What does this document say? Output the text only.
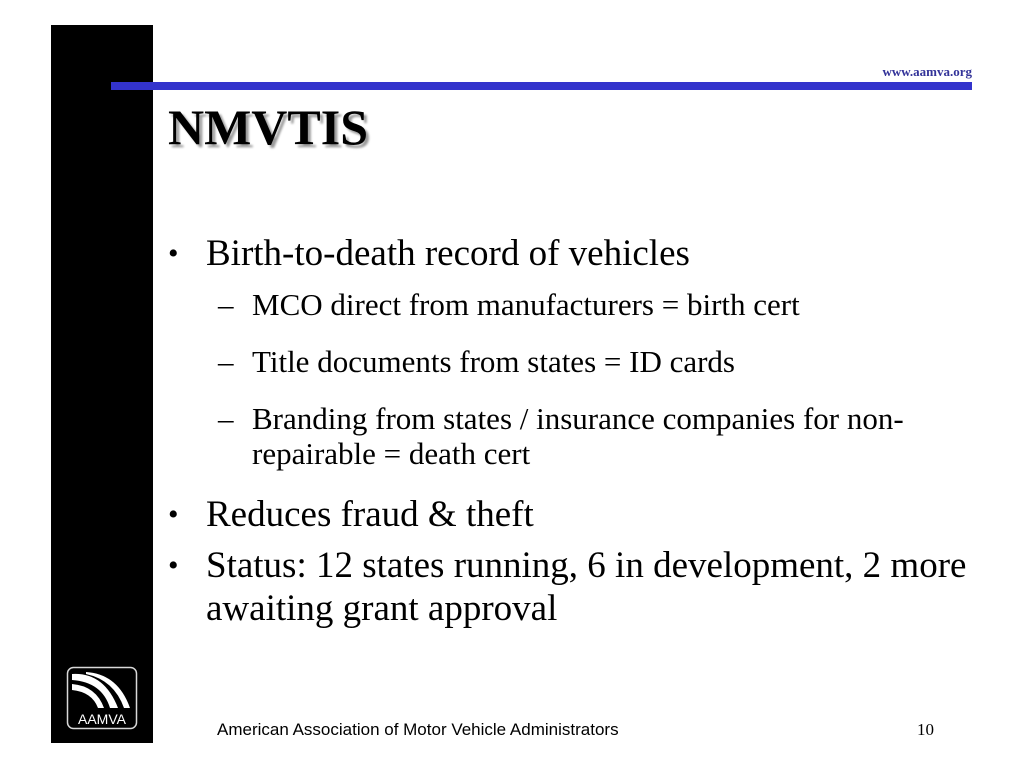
www.aamva.org
NMVTIS
• Birth-to-death record of vehicles
– MCO direct from manufacturers = birth cert
– Title documents from states = ID cards
– Branding from states / insurance companies for non-repairable = death cert
• Reduces fraud & theft
• Status: 12 states running, 6 in development, 2 more awaiting grant approval
AAMVA
American Association of Motor Vehicle Administrators	10
